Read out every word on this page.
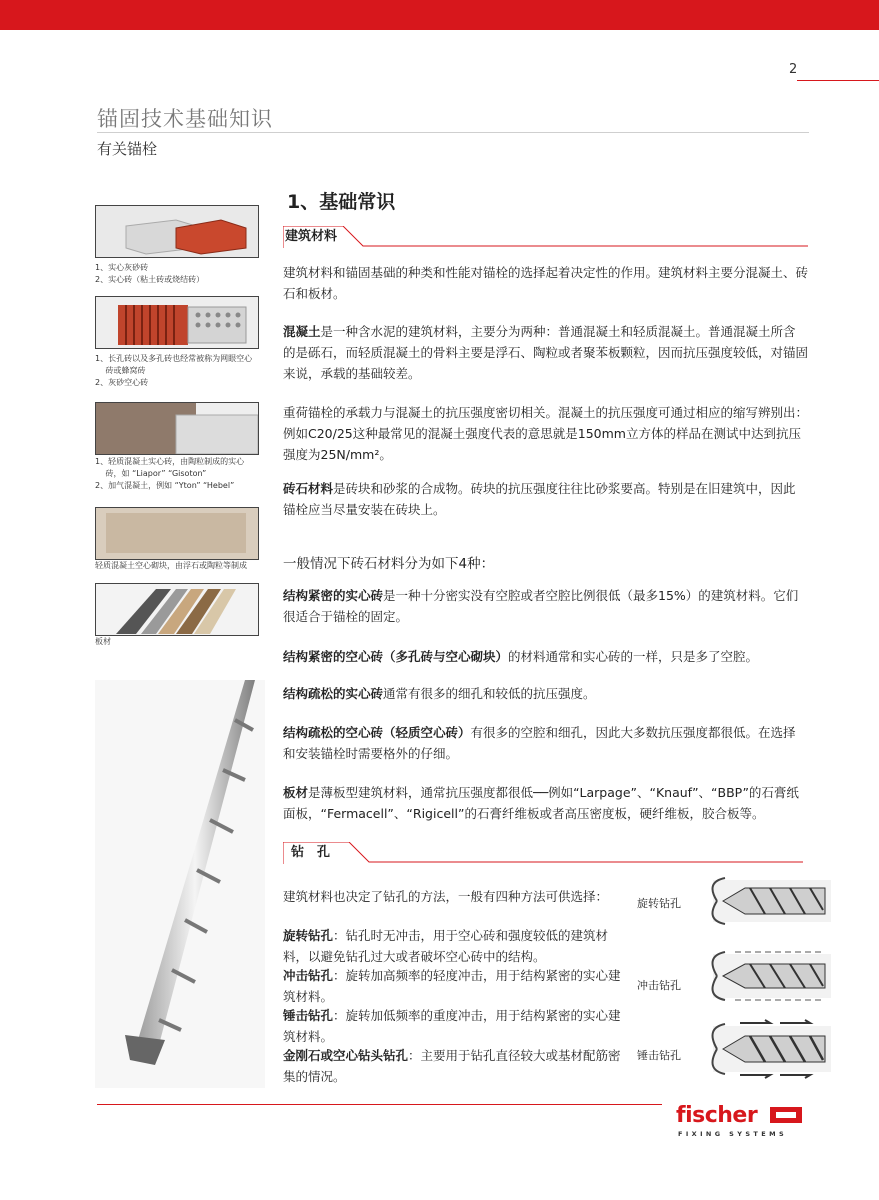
2
锚固技术基础知识
有关锚栓
1、基础常识
建筑材料
建筑材料和锚固基础的种类和性能对锚栓的选择起着决定性的作用。建筑材料主要分混凝土、砖石和板材。
混凝土是一种含水泥的建筑材料，主要分为两种：普通混凝土和轻质混凝土。普通混凝土所含的是砾石，而轻质混凝土的骨料主要是浮石、陶粒或者聚苯板颗粒，因而抗压强度较低，对锚固来说，承载的基础较差。
重荷锚栓的承载力与混凝土的抗压强度密切相关。混凝土的抗压强度可通过相应的缩写辨别出：例如C20/25这种最常见的混凝土强度代表的意思就是150mm立方体的样品在测试中达到抗压强度为25N/mm²。
砖石材料是砖块和砂浆的合成物。砖块的抗压强度往往比砂浆要高。特别是在旧建筑中，因此锚栓应当尽量安装在砖块上。
一般情况下砖石材料分为如下4种：
结构紧密的实心砖是一种十分密实没有空腔或者空腔比例很低（最多15%）的建筑材料。它们很适合于锚栓的固定。
结构紧密的空心砖（多孔砖与空心砌块）的材料通常和实心砖的一样，只是多了空腔。
结构疏松的实心砖通常有很多的细孔和较低的抗压强度。
结构疏松的空心砖（轻质空心砖）有很多的空腔和细孔，因此大多数抗压强度都很低。在选择和安装锚栓时需要格外的仔细。
板材是薄板型建筑材料，通常抗压强度都很低──例如“Larpage”、“Knauf”、“BBP”的石膏纸面板，“Fermacell”、“Rigicell”的石膏纤维板或者高压密度板，硬纤维板，胶合板等。
钻　孔
建筑材料也决定了钻孔的方法，一般有四种方法可供选择：
旋转钻孔：钻孔时无冲击，用于空心砖和强度较低的建筑材料，以避免钻孔过大或者破坏空心砖中的结构。
冲击钻孔：旋转加高频率的轻度冲击，用于结构紧密的实心建筑材料。
锤击钻孔：旋转加低频率的重度冲击，用于结构紧密的实心建筑材料。
金刚石或空心钻头钻孔：主要用于钻孔直径较大或基材配筋密集的情况。
旋转钻孔
冲击钻孔
锤击钻孔
1、实心灰砂砖
2、实心砖（粘土砖或烧结砖）
1、长孔砖以及多孔砖也经常被称为网眼空心
　 砖或蜂窝砖
2、灰砂空心砖
1、轻质混凝土实心砖，由陶粒制成的实心
　 砖，如 “Liapor” “Gisoton”
2、加气混凝土，例如 “Yton” “Hebel”
轻质混凝土空心砌块，由浮石或陶粒等制成
板材
fischer
FIXING SYSTEMS
